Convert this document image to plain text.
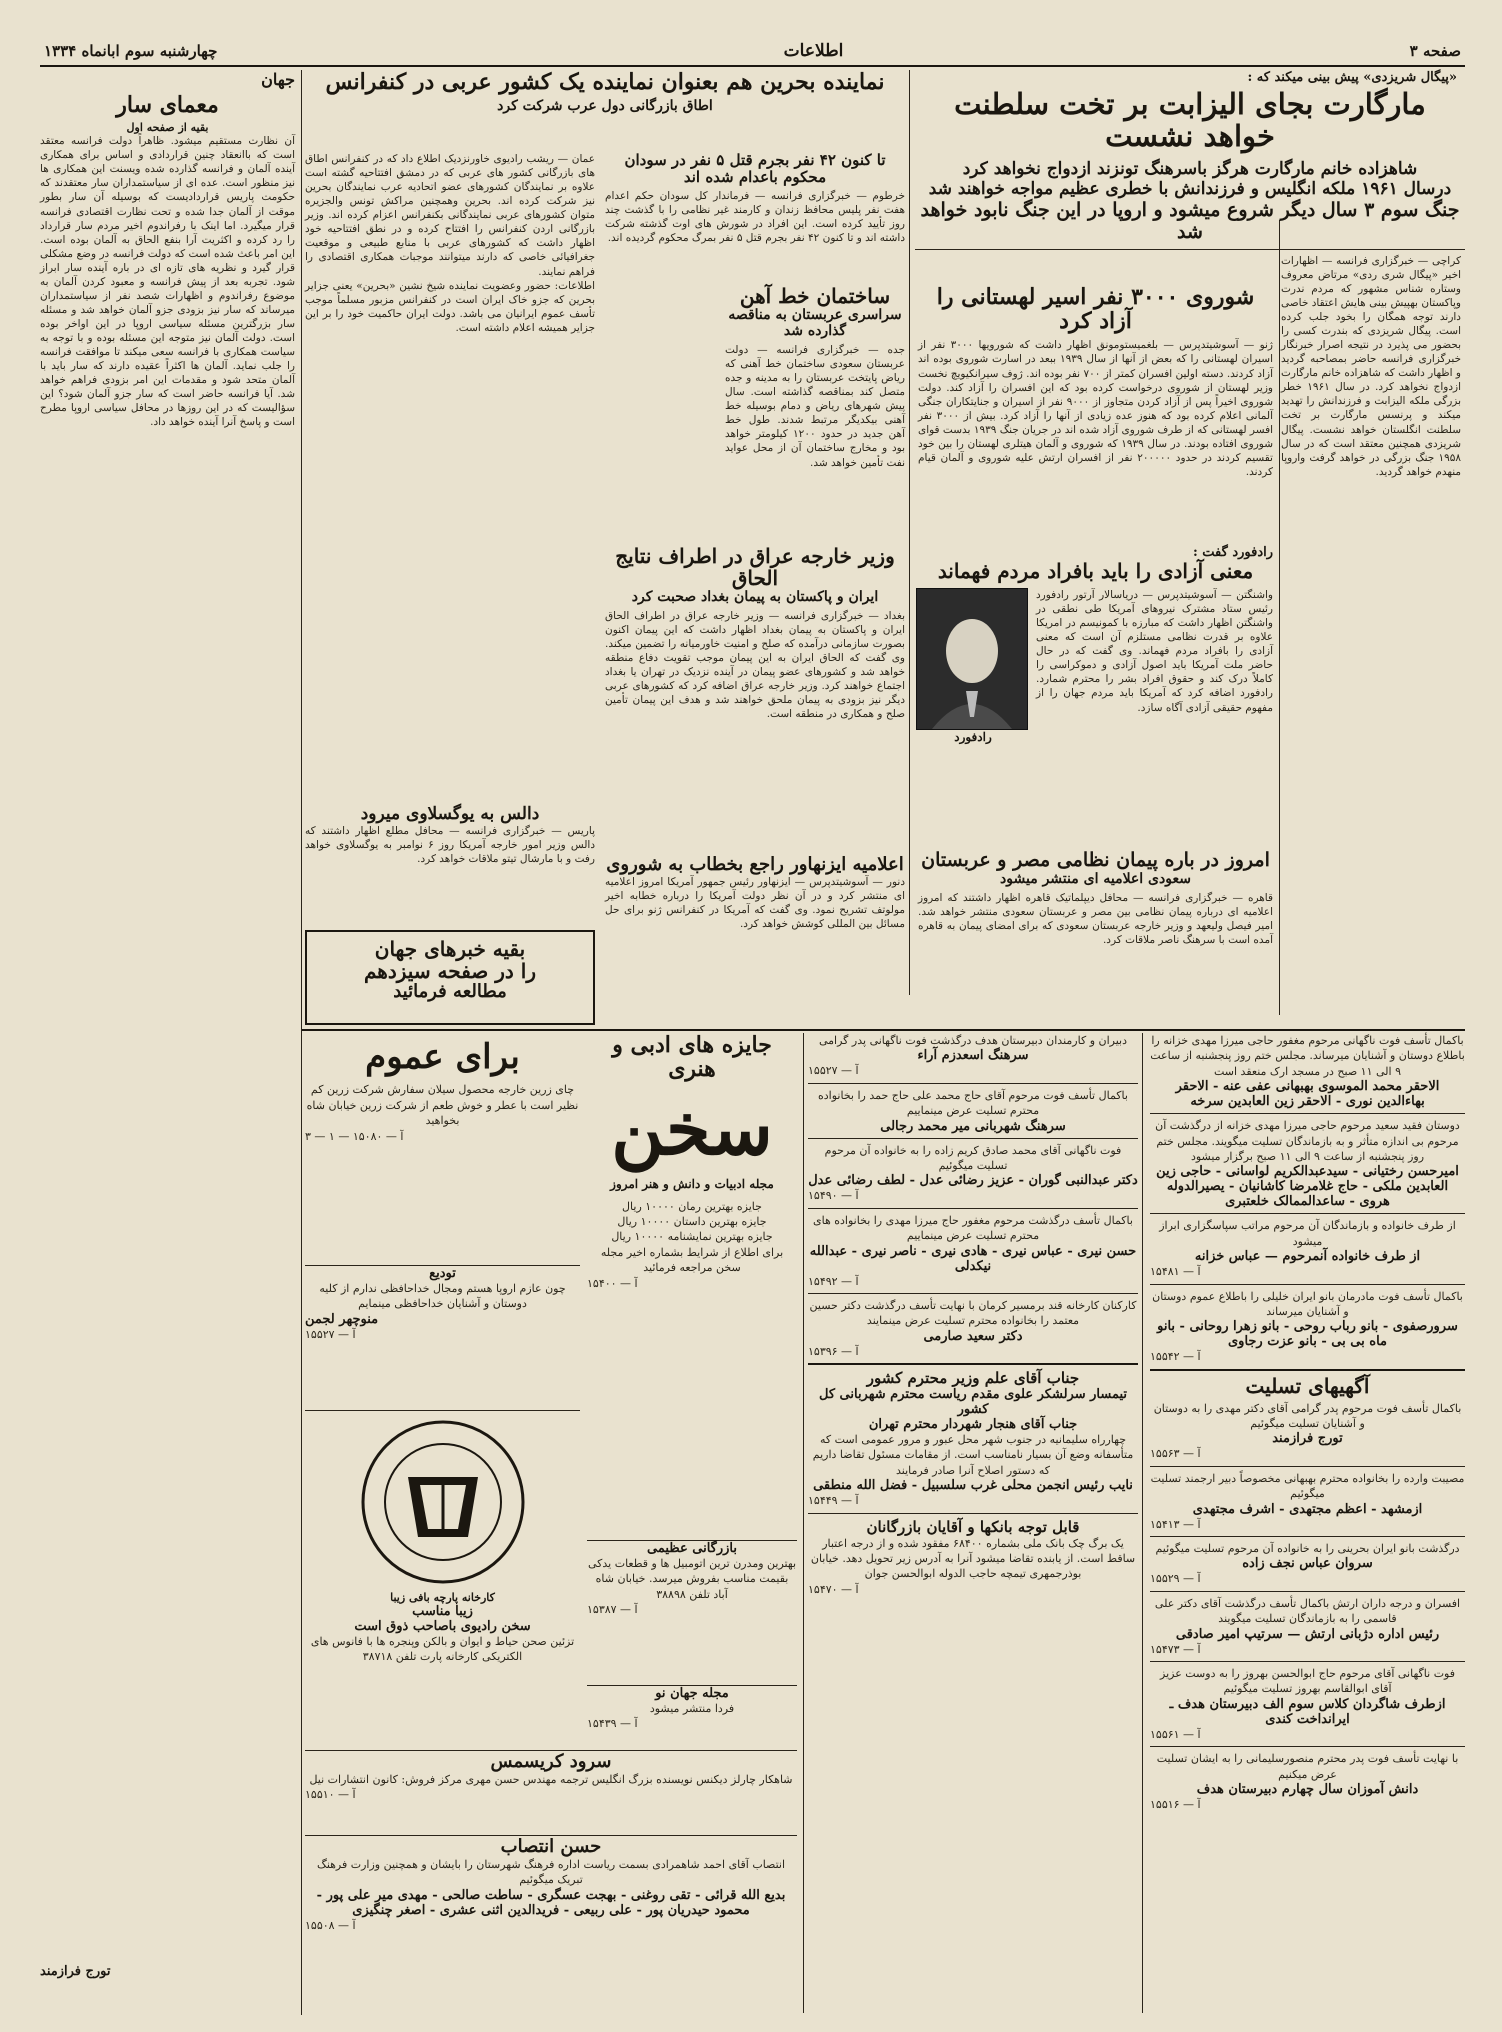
صفحه ۳
اطلاعات
چهارشنبه سوم ابانماه ۱۳۳۴
«پیگال شریزدی» پیش بینی میکند که :
مارگارت بجای الیزابت بر تخت سلطنت خواهد نشست
شاهزاده خانم مارگارت هرگز باسرهنگ تونزند ازدواج نخواهد کرد
درسال ۱۹۶۱ ملکه انگلیس و فرزندانش با خطری عظیم مواجه خواهند شد
جنگ سوم ۳ سال دیگر شروع میشود و اروپا در این جنگ نابود خواهد شد
کراچی — خبرگزاری فرانسه — اظهارات اخیر «پیگال شری ردی» مرتاض معروف وستاره شناس مشهور که مردم ندرت وپاکستان بهپیش بینی هایش اعتقاد خاصی دارند توجه همگان را بخود جلب کرده است. پیگال شریزدی که بندرت کسی را بحضور می پذیرد در نتیجه اصرار خبرنگار خبرگزاری فرانسه حاضر بمصاحبه گردید و اظهار داشت که شاهزاده خانم مارگارت ازدواج نخواهد کرد. در سال ۱۹۶۱ خطر بزرگی ملکه الیزابت و فرزندانش را تهدید میکند و پرنسس مارگارت بر تخت سلطنت انگلستان خواهد نشست. پیگال شریزدی همچنین معتقد است که در سال ۱۹۵۸ جنگ بزرگی در خواهد گرفت واروپا منهدم خواهد گردید.
شوروی ۳۰۰۰ نفر اسیر لهستانی را آزاد کرد
ژنو — آسوشیتدپرس — بلغمیستومونق اظهار داشت که شورویها ۳۰۰۰ نفر از اسیران لهستانی را که بعض از آنها از سال ۱۹۳۹ ببعد در اسارت شوروی بوده اند آزاد کردند. دسته اولین افسران کمتر از ۷۰۰ نفر بوده اند. ژوف سیرانکیویچ نخست وزیر لهستان از شوروی درخواست کرده بود که این افسران را آزاد کند. دولت شوروی اخیراً پس از آزاد کردن متجاوز از ۹۰۰۰ نفر از اسیران و جنایتکاران جنگی آلمانی اعلام کرده بود که هنوز عده زیادی از آنها را آزاد کرد. بیش از ۳۰۰۰ نفر افسر لهستانی که از طرف شوروی آزاد شده اند در جریان جنگ ۱۹۳۹ بدست قوای شوروی افتاده بودند. در سال ۱۹۳۹ که شوروی و آلمان هیتلری لهستان را بین خود تقسیم کردند در حدود ۲۰۰۰۰۰ نفر از افسران ارتش علیه شوروی و آلمان قیام کردند.
رادفورد گفت :
معنی آزادی را باید بافراد مردم فهماند
واشنگتن — آسوشیتدپرس — دریاسالار آرتور رادفورد رئیس ستاد مشترک نیروهای آمریکا طی نطقی در واشنگتن اظهار داشت که مبارزه با کمونیسم در امریکا علاوه بر قدرت نظامی مستلزم آن است که معنی آزادی را بافراد مردم فهماند. وی گفت که در حال حاضر ملت آمریکا باید اصول آزادی و دموکراسی را کاملاً درک کند و حقوق افراد بشر را محترم شمارد. رادفورد اضافه کرد که آمریکا باید مردم جهان را از مفهوم حقیقی آزادی آگاه سازد.
رادفورد
امروز در باره پیمان نظامی مصر و عربستان
سعودی اعلامیه ای منتشر میشود
قاهره — خبرگزاری فرانسه — محافل دیپلماتیک قاهره اظهار داشتند که امروز اعلامیه ای درباره پیمان نظامی بین مصر و عربستان سعودی منتشر خواهد شد. امیر فیصل ولیعهد و وزیر خارجه عربستان سعودی که برای امضای پیمان به قاهره آمده است با سرهنگ ناصر ملاقات کرد.
نماینده بحرین هم بعنوان نماینده یک کشور عربی در کنفرانس
اطاق بازرگانی دول عرب شرکت کرد
تا کنون ۴۲ نفر بجرم قتل ۵ نفر در سودان محکوم باعدام شده اند
خرطوم — خبرگزاری فرانسه — فرماندار کل سودان حکم اعدام هفت نفر پلیس محافظ زندان و کارمند غیر نظامی را با گذشت چند روز تأیید کرده است. این افراد در شورش های اوت گذشته شرکت داشته اند و تا کنون ۴۲ نفر بجرم قتل ۵ نفر بمرگ محکوم گردیده اند.
عمان — ریشب رادیوی خاورنزدیک اطلاع داد که در کنفرانس اطاق های بازرگانی کشور های عربی که در دمشق افتتاحیه گشته است علاوه بر نمایندگان کشورهای عضو اتحادیه عرب نمایندگان بحرین نیز شرکت کرده اند. بحرین وهمچنین مراکش تونس والجزیره متوان کشورهای عربی نمایندگانی بکنفرانس اعزام کرده اند. وزیر بازرگانی اردن کنفرانس را افتتاح کرده و در نطق افتتاحیه خود اظهار داشت که کشورهای عربی با منابع طبیعی و موقعیت جغرافیائی خاصی که دارند میتوانند موجبات همکاری اقتصادی را فراهم نمایند.
اطلاعات: حضور وعضویت نماینده شیخ نشین «بحرین» یعنی جزایر بحرین که جزو خاک ایران است در کنفرانس مزبور مسلماً موجب تأسف عموم ایرانیان می باشد. دولت ایران حاکمیت خود را بر این جزایر همیشه اعلام داشته است.
ساختمان خط آهن
سراسری عربستان به مناقصه گذارده شد
جده — خبرگزاری فرانسه — دولت عربستان سعودی ساختمان خط آهنی که ریاض پایتخت عربستان را به مدینه و جده متصل کند بمناقصه گذاشته است. سال پیش شهرهای ریاض و دمام بوسیله خط آهنی بیکدیگر مرتبط شدند. طول خط آهن جدید در حدود ۱۲۰۰ کیلومتر خواهد بود و مخارج ساختمان آن از محل عواید نفت تأمین خواهد شد.
وزیر خارجه عراق در اطراف نتایج الحاق
ایران و پاکستان به پیمان بغداد صحبت کرد
بغداد — خبرگزاری فرانسه — وزیر خارجه عراق در اطراف الحاق ایران و پاکستان به پیمان بغداد اظهار داشت که این پیمان اکنون بصورت سازمانی درآمده که صلح و امنیت خاورمیانه را تضمین میکند. وی گفت که الحاق ایران به این پیمان موجب تقویت دفاع منطقه خواهد شد و کشورهای عضو پیمان در آینده نزدیک در تهران یا بغداد اجتماع خواهند کرد. وزیر خارجه عراق اضافه کرد که کشورهای عربی دیگر نیز بزودی به پیمان ملحق خواهند شد و هدف این پیمان تأمین صلح و همکاری در منطقه است.
دالس به یوگسلاوی میرود
پاریس — خبرگزاری فرانسه — محافل مطلع اظهار داشتند که دالس وزیر امور خارجه آمریکا روز ۶ نوامبر به یوگسلاوی خواهد رفت و با مارشال تیتو ملاقات خواهد کرد. اعلامیه ایزنهاور راجع بخطاب به شوروی
دنور — آسوشیتدپرس — ایزنهاور رئیس جمهور آمریکا امروز اعلامیه ای منتشر کرد و در آن نظر دولت آمریکا را درباره خطابه اخیر مولوتف تشریح نمود. وی گفت که آمریکا در کنفرانس ژنو برای حل مسائل بین المللی کوشش خواهد کرد.
بقیه خبرهای جهان
را در صفحه سیزدهم
مطالعه فرمائید
جهان
معمای سار
بقیه از صفحه اول
آن نظارت مستقیم میشود. ظاهراً دولت فرانسه معتقد است که باانعقاد چنین قراردادی و اساس برای همکاری آینده آلمان و فرانسه گذارده شده ویسنت این همکاری ها نیز منظور است. عده ای از سیاستمداران سار معتقدند که حکومت پاریس قراردادیست که بوسیله آن سار بطور موقت از آلمان جدا شده و تحت نظارت اقتصادی فرانسه قرار میگیرد. اما اینک با رفراندوم اخیر مردم سار قرارداد را رد کرده و اکثریت آرا بنفع الحاق به آلمان بوده است. این امر باعث شده است که دولت فرانسه در وضع مشکلی قرار گیرد و نظریه های تازه ای در باره آینده سار ابراز شود. تجربه بعد از پیش فرانسه و معبود کردن آلمان به موضوع رفراندوم و اظهارات شصد نفر از سیاستمداران میرساند که سار نیز بزودی جزو آلمان خواهد شد و مسئله سار بزرگترین مسئله سیاسی اروپا در این اواخر بوده است. دولت آلمان نیز متوجه این مسئله بوده و با توجه به سیاست همکاری با فرانسه سعی میکند تا موافقت فرانسه را جلب نماید. آلمان ها اکثراً عقیده دارند که سار باید با آلمان متحد شود و مقدمات این امر بزودی فراهم خواهد شد. آیا فرانسه حاضر است که سار جزو آلمان شود؟ این سؤالیست که در این روزها در محافل سیاسی اروپا مطرح است و پاسخ آنرا آینده خواهد داد.
تورج فرازمند
باکمال تأسف فوت ناگهانی مرحوم مغفور حاجی میرزا مهدی خزانه را باطلاع دوستان و آشنایان میرساند. مجلس ختم روز پنجشنبه از ساعت ۹ الی ۱۱ صبح در مسجد ارک منعقد است
الاحقر محمد الموسوی بهبهانی عفی عنه - الاحقر بهاءالدین نوری - الاحقر زین العابدین سرخه
دوستان فقید سعید مرحوم حاجی میرزا مهدی خزانه از درگذشت آن مرحوم بی اندازه متأثر و به بازماندگان تسلیت میگویند. مجلس ختم روز پنجشنبه از ساعت ۹ الی ۱۱ صبح برگزار میشود
امیرحسن رختیانی - سیدعبدالکریم لواسانی - حاجی زین العابدین ملکی - حاج غلامرضا کاشانیان - یصیرالدوله هروی - ساعدالممالک خلعتبری
از طرف خانواده و بازماندگان آن مرحوم مراتب سپاسگزاری ابراز میشود
از طرف خانواده آنمرحوم — عباس خزانه
آ — ۱۵۴۸۱
باکمال تأسف فوت مادرمان بانو ایران خلیلی را باطلاع عموم دوستان و آشنایان میرساند
سرورصفوی - بانو رباب روحی - بانو زهرا روحانی - بانو ماه بی بی - بانو عزت رجاوی
آ — ۱۵۵۴۲
آگهیهای تسلیت
باکمال تأسف فوت مرحوم پدر گرامی آقای دکتر مهدی را به دوستان و آشنایان تسلیت میگوئیم
تورج فرازمند
آ — ۱۵۵۶۳
مصیبت وارده را بخانواده محترم بهبهانی مخصوصاً دبیر ارجمند تسلیت میگوئیم
ازمشهد - اعظم مجتهدی - اشرف مجتهدی
آ — ۱۵۴۱۳
درگذشت بانو ایران بحرینی را به خانواده آن مرحوم تسلیت میگوئیم
سروان عباس نجف زاده
آ — ۱۵۵۲۹
افسران و درجه داران ارتش باکمال تأسف درگذشت آقای دکتر علی قاسمی را به بازماندگان تسلیت میگویند
رئیس اداره دژبانی ارتش — سرتیپ امیر صادقی
آ — ۱۵۴۷۳
فوت ناگهانی آقای مرحوم حاج ابوالحسن بهروز را به دوست عزیز آقای ابوالقاسم بهروز تسلیت میگوئیم
ازطرف شاگردان کلاس سوم الف دبیرستان هدف ـ ایرانداخت کندی
آ — ۱۵۵۶۱
با نهایت تأسف فوت پدر محترم منصورسلیمانی را به ایشان تسلیت عرض میکنیم
دانش آموزان سال چهارم دبیرستان هدف
آ — ۱۵۵۱۶
دبیران و کارمندان دبیرستان هدف درگذشت فوت ناگهانی پدر گرامی
سرهنگ اسعدزم آراء
آ — ۱۵۵۲۷
باکمال تأسف فوت مرحوم آقای حاج محمد علی حاج حمد را بخانواده محترم تسلیت عرض مینماییم
سرهنگ شهربانی میر محمد رجالی
فوت ناگهانی آقای محمد صادق کریم زاده را به خانواده آن مرحوم تسلیت میگوئیم
دکتر عبدالنبی گوران - عزیز رضائی عدل - لطف رضائی عدل
آ — ۱۵۴۹۰
باکمال تأسف درگذشت مرحوم مغفور حاج میرزا مهدی را بخانواده های محترم تسلیت عرض مینماییم
حسن نیری - عباس نیری - هادی نیری - ناصر نیری - عبدالله نیکدلی
آ — ۱۵۴۹۲
کارکنان کارخانه قند برمسیر کرمان با نهایت تأسف درگذشت دکتر حسین معتمد را بخانواده محترم تسلیت عرض مینمایند
دکتر سعید صارمی
آ — ۱۵۳۹۶
جناب آقای علم وزیر محترم کشور
تیمسار سرلشکر علوی مقدم ریاست محترم شهربانی کل کشور
جناب آقای هنجار شهردار محترم تهران
چهارراه سلیمانیه در جنوب شهر محل عبور و مرور عمومی است که متأسفانه وضع آن بسیار نامناسب است. از مقامات مسئول تقاضا داریم که دستور اصلاح آنرا صادر فرمایند
نایب رئیس انجمن محلی غرب سلسبیل - فضل الله منطقی
آ — ۱۵۴۴۹
قابل توجه بانکها و آقایان بازرگانان
یک برگ چک بانک ملی بشماره ۶۸۴۰۰ مفقود شده و از درجه اعتبار ساقط است. از یابنده تقاضا میشود آنرا به آدرس زیر تحویل دهد. خیابان بوذرجمهری تیمچه حاجب الدوله ابوالحسن جوان
آ — ۱۵۴۷۰
جایزه های ادبی و هنری
سخن
مجله ادبیات و دانش و هنر امروز
جایزه بهترین رمان ۱۰۰۰۰ ریال
جایزه بهترین داستان ۱۰۰۰۰ ریال
جایزه بهترین نمایشنامه ۱۰۰۰۰ ریال
برای اطلاع از شرایط بشماره اخیر مجله سخن مراجعه فرمائید
آ — ۱۵۴۰۰
بازرگانی عظیمی
بهترین ومدرن ترین اتومبیل ها و قطعات یدکی بقیمت مناسب بفروش میرسد. خیابان شاه آباد تلفن ۳۸۸۹۸
آ — ۱۵۳۸۷
مجله جهان نو
فردا منتشر میشود
آ — ۱۵۴۳۹
برای عموم
چای زرین خارجه محصول سیلان سفارش شرکت زرین کم نظیر است با عطر و خوش طعم از شرکت زرین خیابان شاه بخواهید
آ — ۱۵۰۸۰ — ۱ — ۳
توديع
چون عازم اروپا هستم ومجال خداحافظی ندارم از کلیه دوستان و آشنایان خداحافظی مینمایم
منوچهر لجمن
آ — ۱۵۵۲۷
کارخانه پارچه بافی زیبا
زیبا مناسب
سخن رادیوی باصاحب ذوق است
تزئین صحن حیاط و ایوان و بالکن وپنجره ها با فانوس های الکتریکی کارخانه پارت تلفن ۳۸۷۱۸
سرود کریسمس
شاهکار چارلز دیکنس نویسنده بزرگ انگلیس ترجمه مهندس حسن مهری مرکز فروش: کانون انتشارات نیل
آ — ۱۵۵۱۰
حسن انتصاب
انتصاب آقای احمد شاهمرادی بسمت ریاست اداره فرهنگ شهرستان را بایشان و همچنین وزارت فرهنگ تبریک میگوئیم
بدیع الله قرائی - تقی روغنی - بهجت عسگری - ساطت صالحی - مهدی میر علی پور - محمود حیدریان پور - علی ربیعی - فریدالدین اثنی عشری - اصغر چنگیزی
آ — ۱۵۵۰۸
